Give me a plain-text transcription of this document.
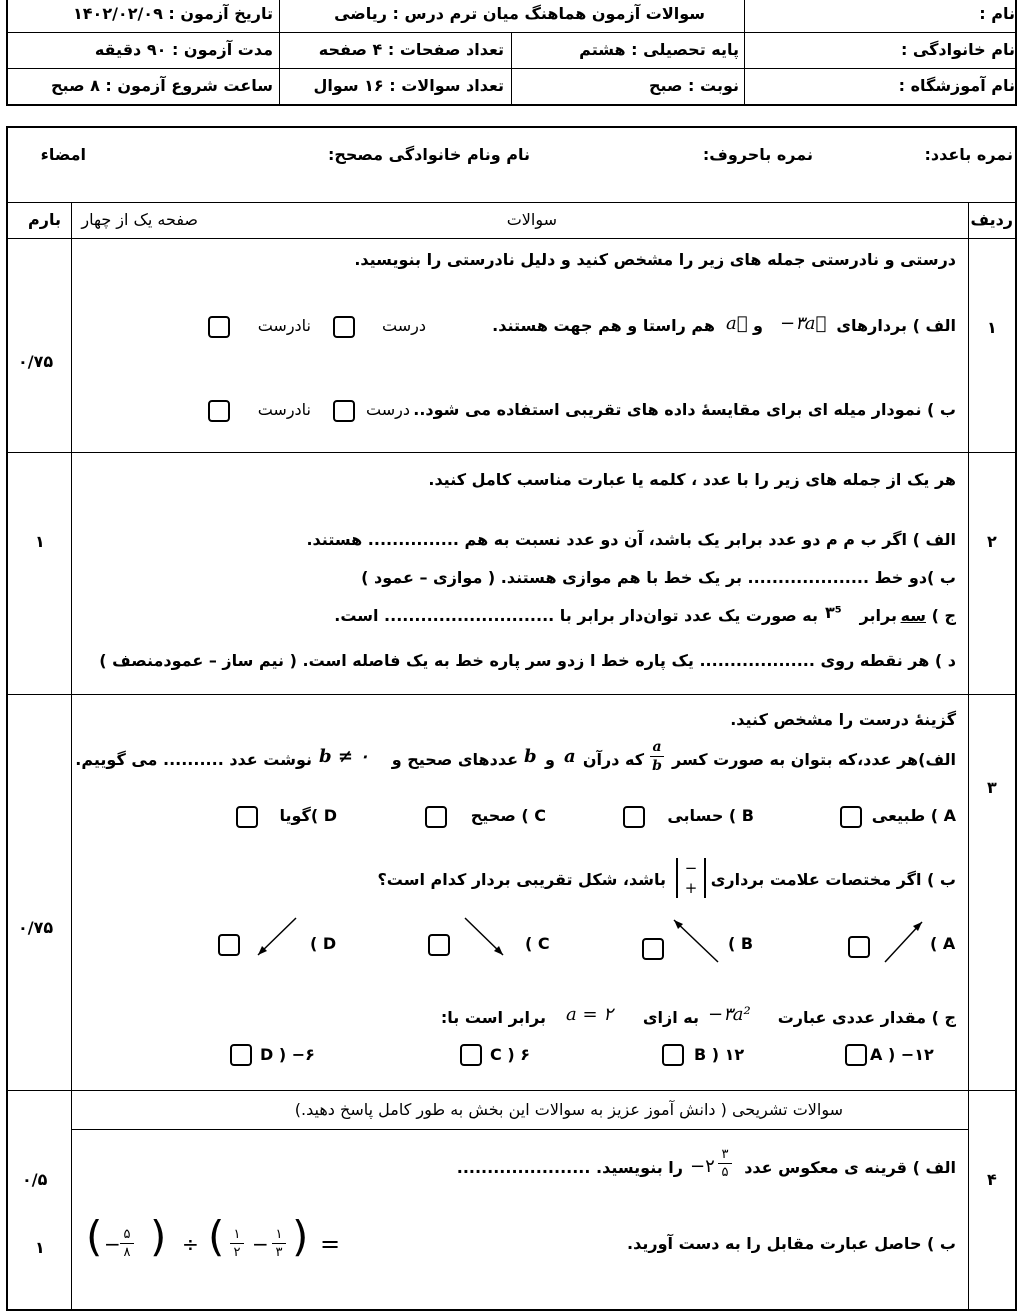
نام :
سوالات آزمون هماهنگ میان ترم درس : ریاضی
تاریخ آزمون : ۱۴۰۲/۰۲/۰۹
نام خانوادگی :
پایه تحصیلی : هشتم
تعداد صفحات : ۴ صفحه
مدت آزمون : ۹۰ دقیقه
نام آموزشگاه :
نوبت : صبح
تعداد سوالات : ۱۶ سوال
ساعت شروع آزمون : ۸ صبح
نمره باعدد:
نمره باحروف:
نام ونام خانوادگی مصحح:
امضاء
ردیف
سوالات
صفحه یک از چهار
بارم
۱
۰/۷۵
درستی و نادرستی جمله های زیر را مشخص کنید و دلیل نادرستی را بنویسید.
الف ) بردارهای
−۳a⃗
و
a⃗
هم راستا و هم جهت هستند.
درست
نادرست
ب ) نمودار میله ای برای مقایسهٔ داده های تقریبی استفاده می شود..
درست
نادرست
۲
۱
هر یک از جمله های زیر را با عدد ، کلمه یا عبارت مناسب کامل کنید.
الف ) اگر ب م م دو عدد برابر یک باشد، آن دو عدد نسبت به هم ............... هستند.
ب )دو خط .................... بر یک خط با هم موازی هستند. ( موازی – عمود )
ج )
سه
برابر
۳⁵
به صورت یک عدد توان‌دار برابر با ............................ است.
د ) هر نقطه روی ................... یک پاره خط ا زدو سر پاره خط به یک فاصله است. ( نیم ساز – عمودمنصف )
۳
۰/۷۵
گزینهٔ درست را مشخص کنید.
الف)هر عدد،که بتوان به صورت کسر
$\frac{a}{b}$
که درآن
a
و
b
عددهای صحیح و
b ≠ ۰
نوشت عدد .......... می گوییم.
A ) طبیعی
B ) حسابی
C ) صحیح
D )گویا
ب ) اگر مختصات علامت برداری
−
+
باشد، شکل تقریبی بردار کدام است؟
( A
( B
( C
( D
ج ) مقدار عددی عبارت
−۳a²
به ازای
a = ۲
برابر است با:
A ) −۱۲
B ) ۱۲
C ) ۶
D ) −۶
سوالات تشریحی ( دانش آموز عزیز به سوالات این بخش به طور کامل پاسخ دهید.)
۴
۰/۵
۱
الف ) قرینه ی معکوس عدد
−۲
۳
۵
را بنویسید. ......................
ب ) حاصل عبارت مقابل را به دست آورید.
( − ۵
۸ ) ÷ ( ۱
۲ − ۱
۳ ) =
